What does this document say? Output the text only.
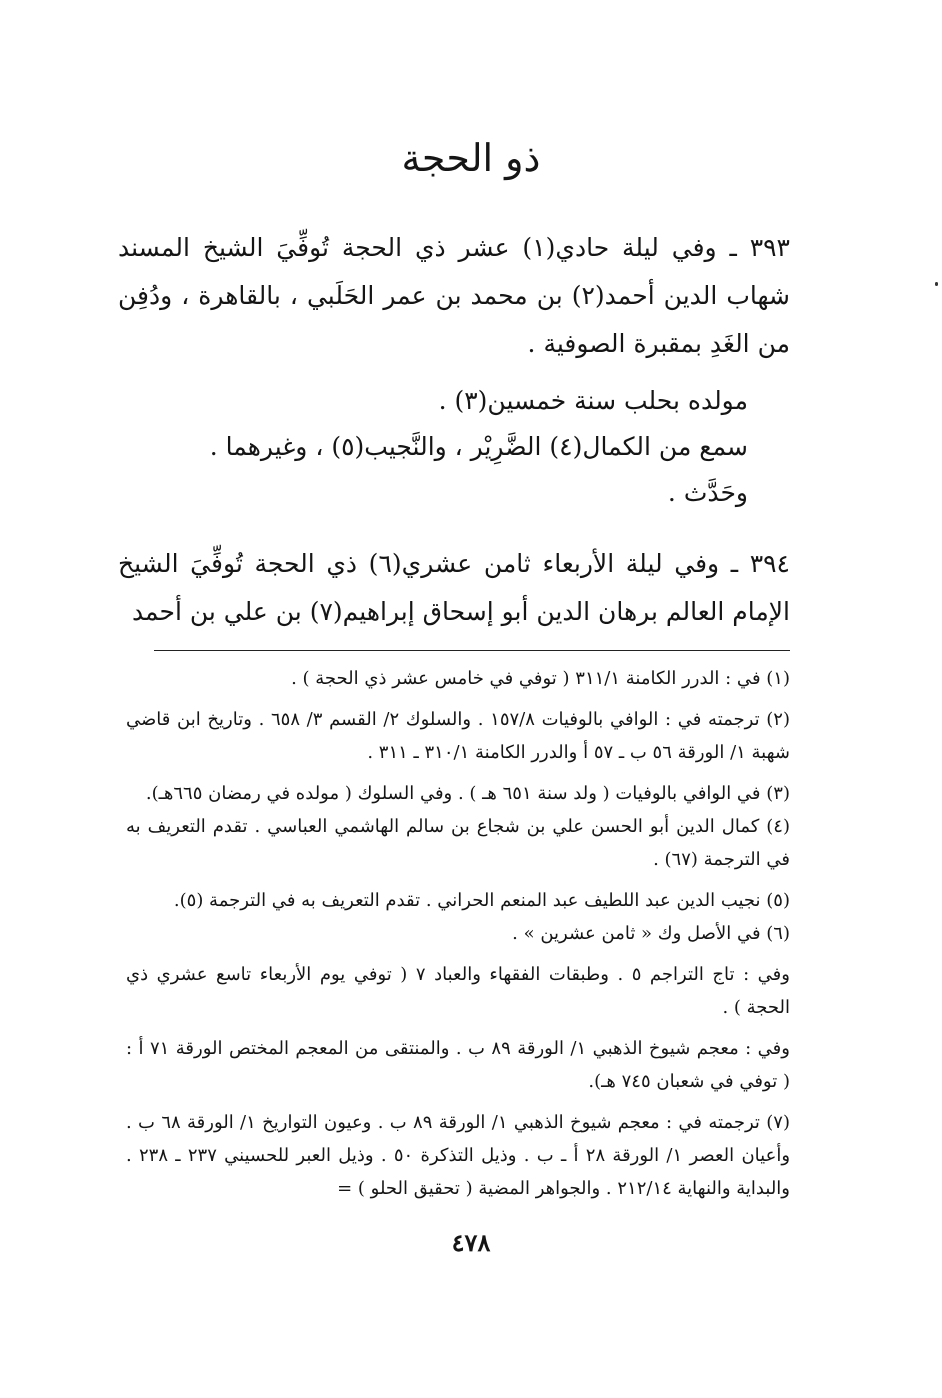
ذو الحجة

٣٩٣ ـ وفي ليلة حادي(١) عشر ذي الحجة تُوفِّيَ الشيخ المسند شهاب الدين أحمد(٢) بن محمد بن عمر الحَلَبي ، بالقاهرة ، ودُفِن من الغَدِ بمقبرة الصوفية .

مولده بحلب سنة خمسين(٣) .

سمع من الكمال(٤) الضَّرِيْر ، والنَّجيب(٥) ، وغيرهما .

وحَدَّث .

٣٩٤ ـ وفي ليلة الأربعاء ثامن عشري(٦) ذي الحجة تُوفِّيَ الشيخ الإمام العالم برهان الدين أبو إسحاق إبراهيم(٧) بن علي بن أحمد

(١) في : الدرر الكامنة ٣١١/١ ( توفي في خامس عشر ذي الحجة ) .

(٢) ترجمته في : الوافي بالوفيات ١٥٧/٨ . والسلوك ٢/ القسم ٣/ ٦٥٨ . وتاريخ ابن قاضي شهبة ١/ الورقة ٥٦ ب ـ ٥٧ أ والدرر الكامنة ٣١٠/١ ـ ٣١١ .

(٣) في الوافي بالوفيات ( ولد سنة ٦٥١ هـ ) . وفي السلوك ( مولده في رمضان ٦٦٥هـ).

(٤) كمال الدين أبو الحسن علي بن شجاع بن سالم الهاشمي العباسي . تقدم التعريف به في الترجمة (٦٧) .

(٥) نجيب الدين عبد اللطيف عبد المنعم الحراني . تقدم التعريف به في الترجمة (٥).

(٦) في الأصل وك « ثامن عشرين » .

وفي : تاج التراجم ٥ . وطبقات الفقهاء والعباد ٧ ( توفي يوم الأربعاء تاسع عشري ذي الحجة ) .

وفي : معجم شيوخ الذهبي ١/ الورقة ٨٩ ب . والمنتقى من المعجم المختص الورقة ٧١ أ : ( توفي في شعبان ٧٤٥ هـ).

(٧) ترجمته في : معجم شيوخ الذهبي ١/ الورقة ٨٩ ب . وعيون التواريخ ١/ الورقة ٦٨ ب . وأعيان العصر ١/ الورقة ٢٨ أ ـ ب . وذيل التذكرة ٥٠ . وذيل العبر للحسيني ٢٣٧ ـ ٢٣٨ . والبداية والنهاية ٢١٢/١٤ . والجواهر المضية ( تحقيق الحلو ) =

٤٧٨
